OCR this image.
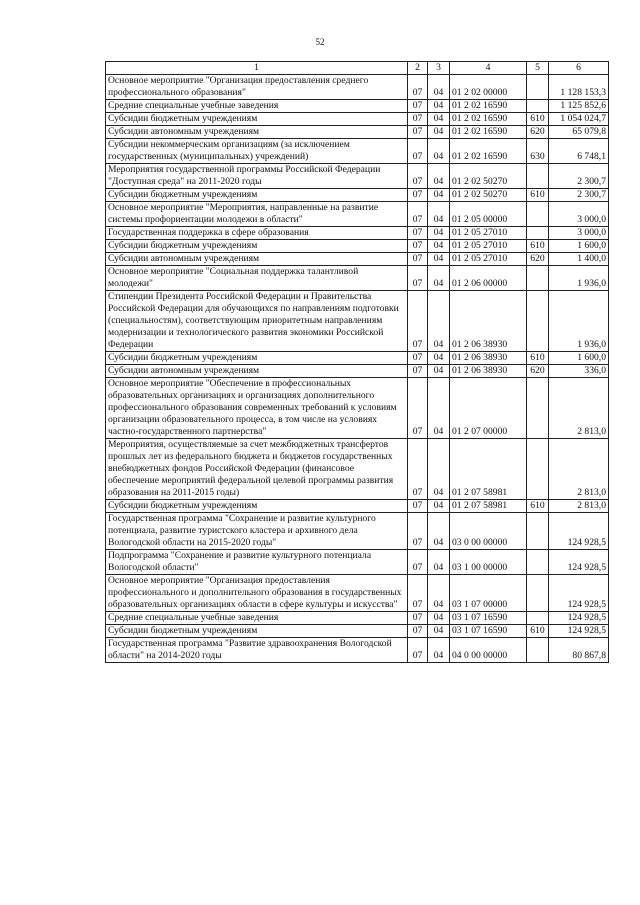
52
1	2	3	4	5	6
Основное мероприятие "Организация предоставления среднего профессионального образования"	07	04	01 2 02 00000		1 128 153,3
Средние специальные учебные заведения	07	04	01 2 02 16590		1 125 852,6
Субсидии бюджетным учреждениям	07	04	01 2 02 16590	610	1 054 024,7
Субсидии автономным учреждениям	07	04	01 2 02 16590	620	65 079,8
Субсидии некоммерческим организациям (за исключением государственных (муниципальных) учреждений)	07	04	01 2 02 16590	630	6 748,1
Мероприятия государственной программы Российской Федерации "Доступная среда" на 2011-2020 годы	07	04	01 2 02 50270		2 300,7
Субсидии бюджетным учреждениям	07	04	01 2 02 50270	610	2 300,7
Основное мероприятие "Мероприятия, направленные на развитие системы профориентации молодежи в области"	07	04	01 2 05 00000		3 000,0
Государственная поддержка в сфере образования	07	04	01 2 05 27010		3 000,0
Субсидии бюджетным учреждениям	07	04	01 2 05 27010	610	1 600,0
Субсидии автономным учреждениям	07	04	01 2 05 27010	620	1 400,0
Основное мероприятие "Социальная поддержка талантливой молодежи"	07	04	01 2 06 00000		1 936,0
Стипендии Президента Российской Федерации и Правительства Российской Федерации для обучающихся по направлениям подготовки (специальностям), соответствующим приоритетным направлениям модернизации и технологического развития экономики Российской Федерации	07	04	01 2 06 38930		1 936,0
Субсидии бюджетным учреждениям	07	04	01 2 06 38930	610	1 600,0
Субсидии автономным учреждениям	07	04	01 2 06 38930	620	336,0
Основное мероприятие "Обеспечение в профессиональных образовательных организациях и организациях дополнительного профессионального образования современных требований к условиям организации образовательного процесса, в том числе на условиях частно-государственного партнерства"	07	04	01 2 07 00000		2 813,0
Мероприятия, осуществляемые за счет межбюджетных трансфертов прошлых лет из федерального бюджета и бюджетов государственных внебюджетных фондов Российской Федерации (финансовое обеспечение мероприятий федеральной целевой программы развития образования на 2011-2015 годы)	07	04	01 2 07 58981		2 813,0
Субсидии бюджетным учреждениям	07	04	01 2 07 58981	610	2 813,0
Государственная программа "Сохранение и развитие культурного потенциала, развитие туристского кластера и архивного дела Вологодской области на 2015-2020 годы"	07	04	03 0 00 00000		124 928,5
Подпрограмма "Сохранение и развитие культурного потенциала Вологодской области"	07	04	03 1 00 00000		124 928,5
Основное мероприятие "Организация предоставления профессионального и дополнительного образования в государственных образовательных организациях области в сфере культуры и искусства"	07	04	03 1 07 00000		124 928,5
Средние специальные учебные заведения	07	04	03 1 07 16590		124 928,5
Субсидии бюджетным учреждениям	07	04	03 1 07 16590	610	124 928,5
Государственная программа "Развитие здравоохранения Вологодской области" на 2014-2020 годы	07	04	04 0 00 00000		80 867,8
